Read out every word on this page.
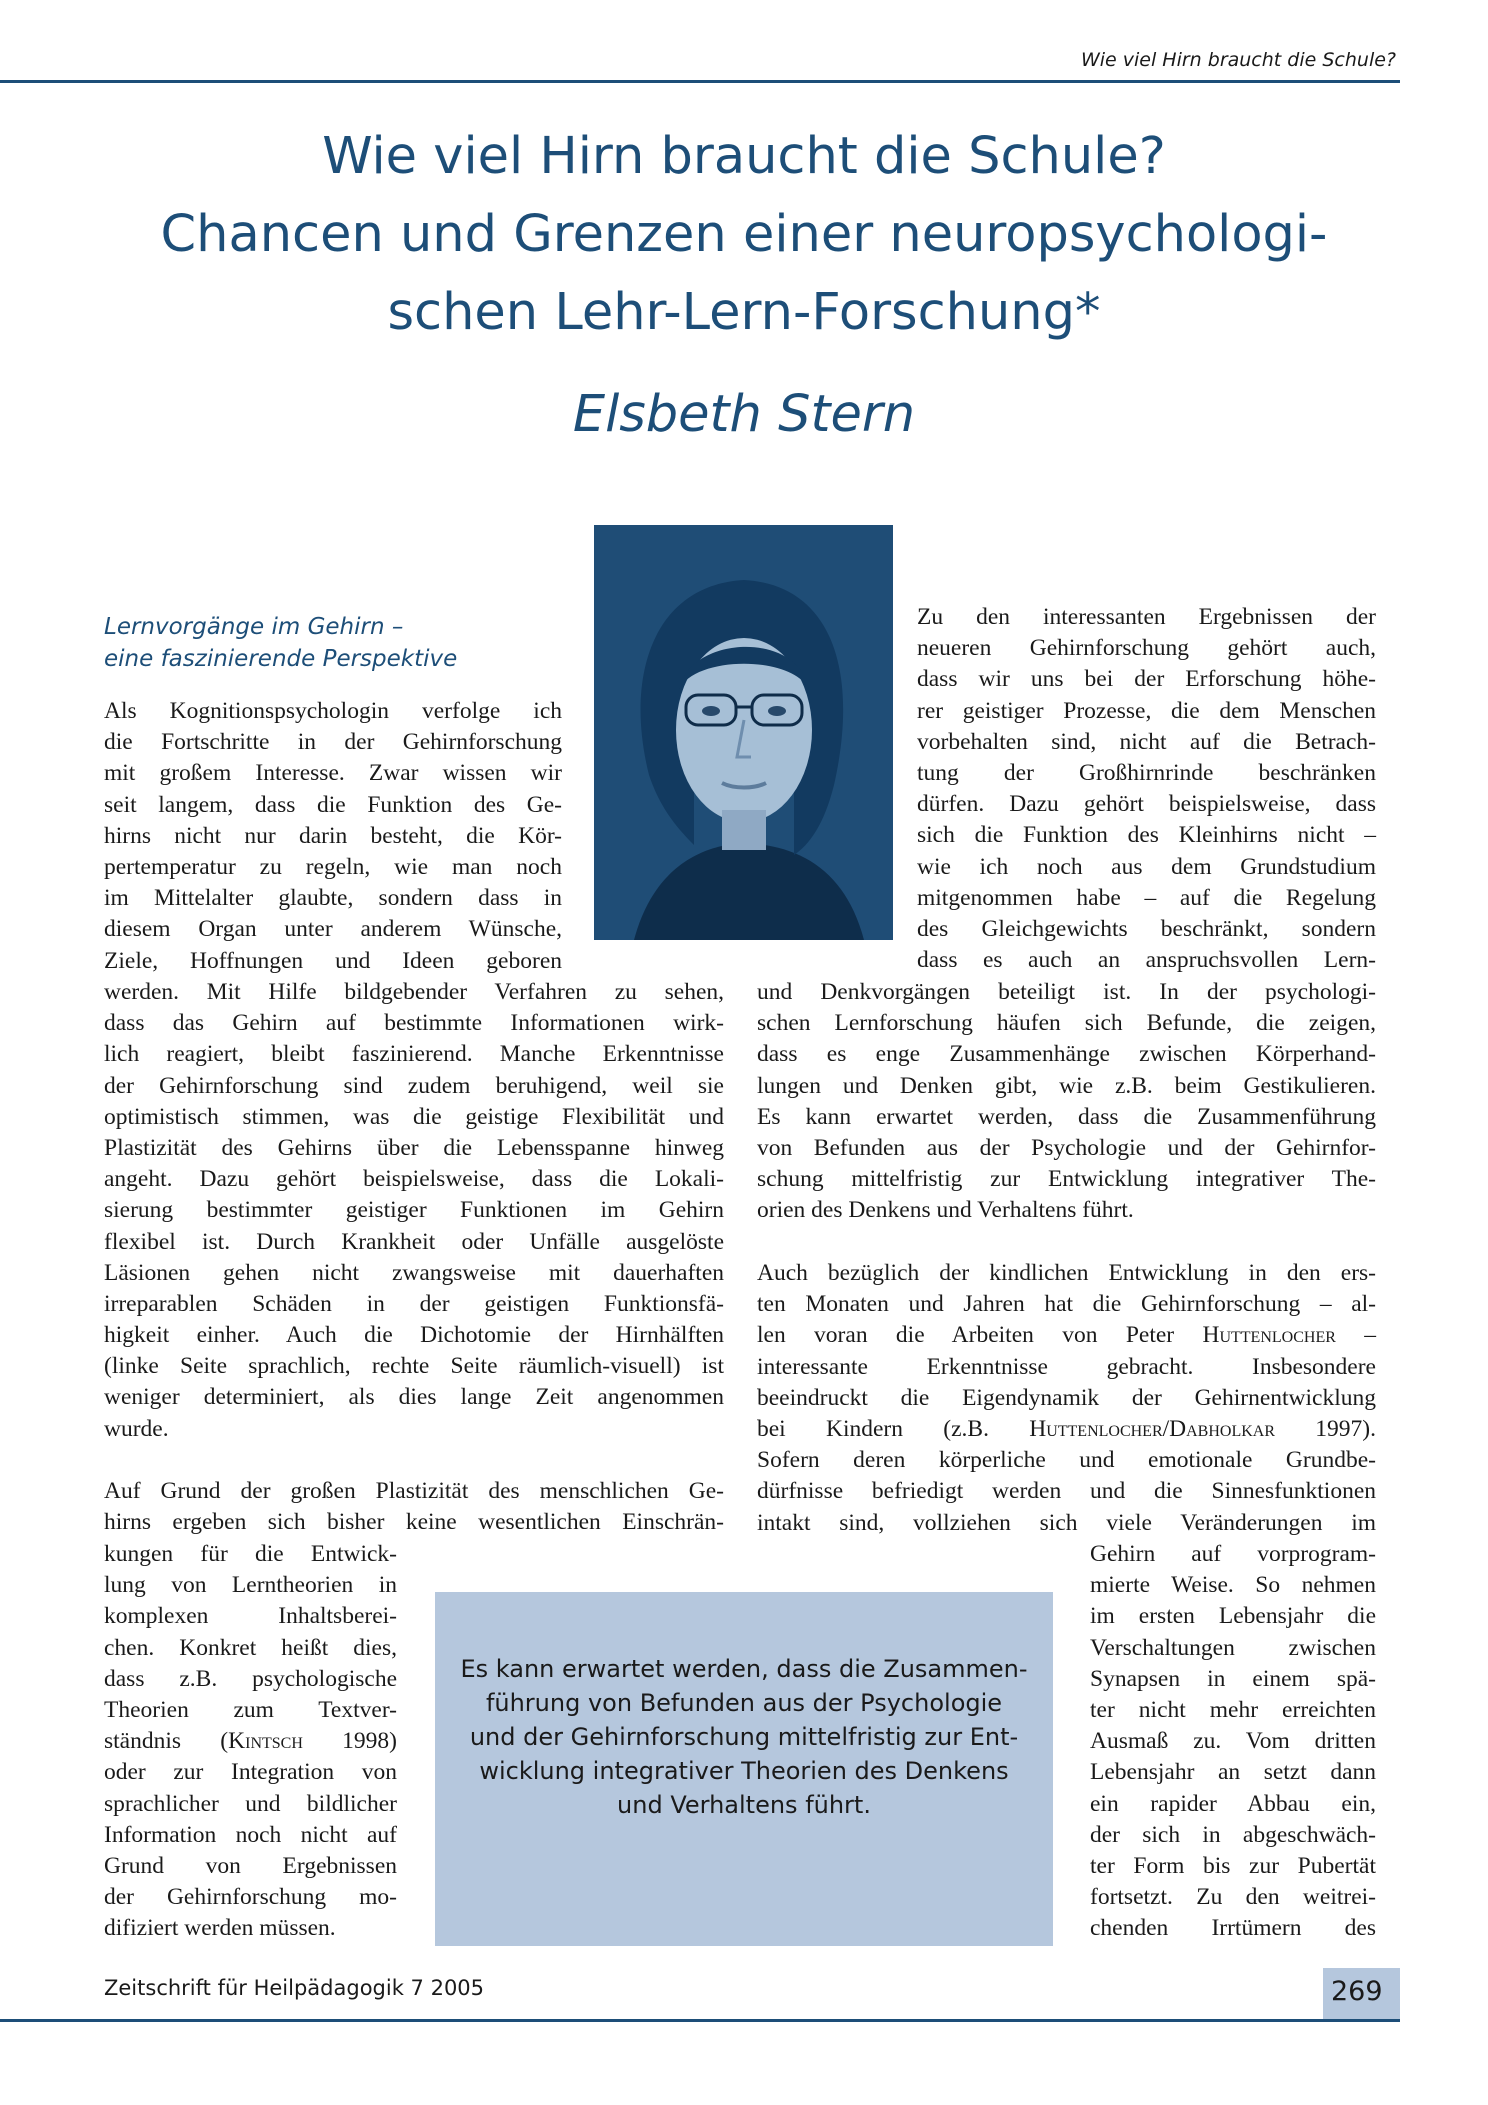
Wie viel Hirn braucht die Schule?
Wie viel Hirn braucht die Schule?
Chancen und Grenzen einer neuropsychologi-
schen Lehr-Lern-Forschung*
Elsbeth Stern
Lernvorgänge im Gehirn –
eine faszinierende Perspektive
Als Kognitionspsychologin verfolge ich
die Fortschritte in der Gehirnforschung
mit großem Interesse. Zwar wissen wir
seit langem, dass die Funktion des Ge-
hirns nicht nur darin besteht, die Kör-
pertemperatur zu regeln, wie man noch
im Mittelalter glaubte, sondern dass in
diesem Organ unter anderem Wünsche,
Ziele, Hoffnungen und Ideen geboren
werden. Mit Hilfe bildgebender Verfahren zu sehen,
dass das Gehirn auf bestimmte Informationen wirk-
lich reagiert, bleibt faszinierend. Manche Erkenntnisse
der Gehirnforschung sind zudem beruhigend, weil sie
optimistisch stimmen, was die geistige Flexibilität und
Plastizität des Gehirns über die Lebensspanne hinweg
angeht. Dazu gehört beispielsweise, dass die Lokali-
sierung bestimmter geistiger Funktionen im Gehirn
flexibel ist. Durch Krankheit oder Unfälle ausgelöste
Läsionen gehen nicht zwangsweise mit dauerhaften
irreparablen Schäden in der geistigen Funktionsfä-
higkeit einher. Auch die Dichotomie der Hirnhälften
(linke Seite sprachlich, rechte Seite räumlich-visuell) ist
weniger determiniert, als dies lange Zeit angenommen
wurde.
Auf Grund der großen Plastizität des menschlichen Ge-
hirns ergeben sich bisher keine wesentlichen Einschrän-
kungen für die Entwick-
lung von Lerntheorien in
komplexen Inhaltsberei-
chen. Konkret heißt dies,
dass z.B. psychologische
Theorien zum Textver-
ständnis (Kintsch 1998)
oder zur Integration von
sprachlicher und bildlicher
Information noch nicht auf
Grund von Ergebnissen
der Gehirnforschung mo-
difiziert werden müssen.
Zu den interessanten Ergebnissen der
neueren Gehirnforschung gehört auch,
dass wir uns bei der Erforschung höhe-
rer geistiger Prozesse, die dem Menschen
vorbehalten sind, nicht auf die Betrach-
tung der Großhirnrinde beschränken
dürfen. Dazu gehört beispielsweise, dass
sich die Funktion des Kleinhirns nicht –
wie ich noch aus dem Grundstudium
mitgenommen habe – auf die Regelung
des Gleichgewichts beschränkt, sondern
dass es auch an anspruchsvollen Lern-
und Denkvorgängen beteiligt ist. In der psychologi-
schen Lernforschung häufen sich Befunde, die zeigen,
dass es enge Zusammenhänge zwischen Körperhand-
lungen und Denken gibt, wie z.B. beim Gestikulieren.
Es kann erwartet werden, dass die Zusammenführung
von Befunden aus der Psychologie und der Gehirnfor-
schung mittelfristig zur Entwicklung integrativer The-
orien des Denkens und Verhaltens führt.
Auch bezüglich der kindlichen Entwicklung in den ers-
ten Monaten und Jahren hat die Gehirnforschung – al-
len voran die Arbeiten von Peter Huttenlocher –
interessante Erkenntnisse gebracht. Insbesondere
beeindruckt die Eigendynamik der Gehirnentwicklung
bei Kindern (z.B. Huttenlocher/Dabholkar 1997).
Sofern deren körperliche und emotionale Grundbe-
dürfnisse befriedigt werden und die Sinnesfunktionen
intakt sind, vollziehen sich viele Veränderungen im
Gehirn auf vorprogram-
mierte Weise. So nehmen
im ersten Lebensjahr die
Verschaltungen zwischen
Synapsen in einem spä-
ter nicht mehr erreichten
Ausmaß zu. Vom dritten
Lebensjahr an setzt dann
ein rapider Abbau ein,
der sich in abgeschwäch-
ter Form bis zur Pubertät
fortsetzt. Zu den weitrei-
chenden Irrtümern des
Es kann erwartet werden, dass die Zusammen-
führung von Befunden aus der Psychologie
und der Gehirnforschung mittelfristig zur Ent-
wicklung integrativer Theorien des Denkens
und Verhaltens führt.
Zeitschrift für Heilpädagogik 7 2005	269
